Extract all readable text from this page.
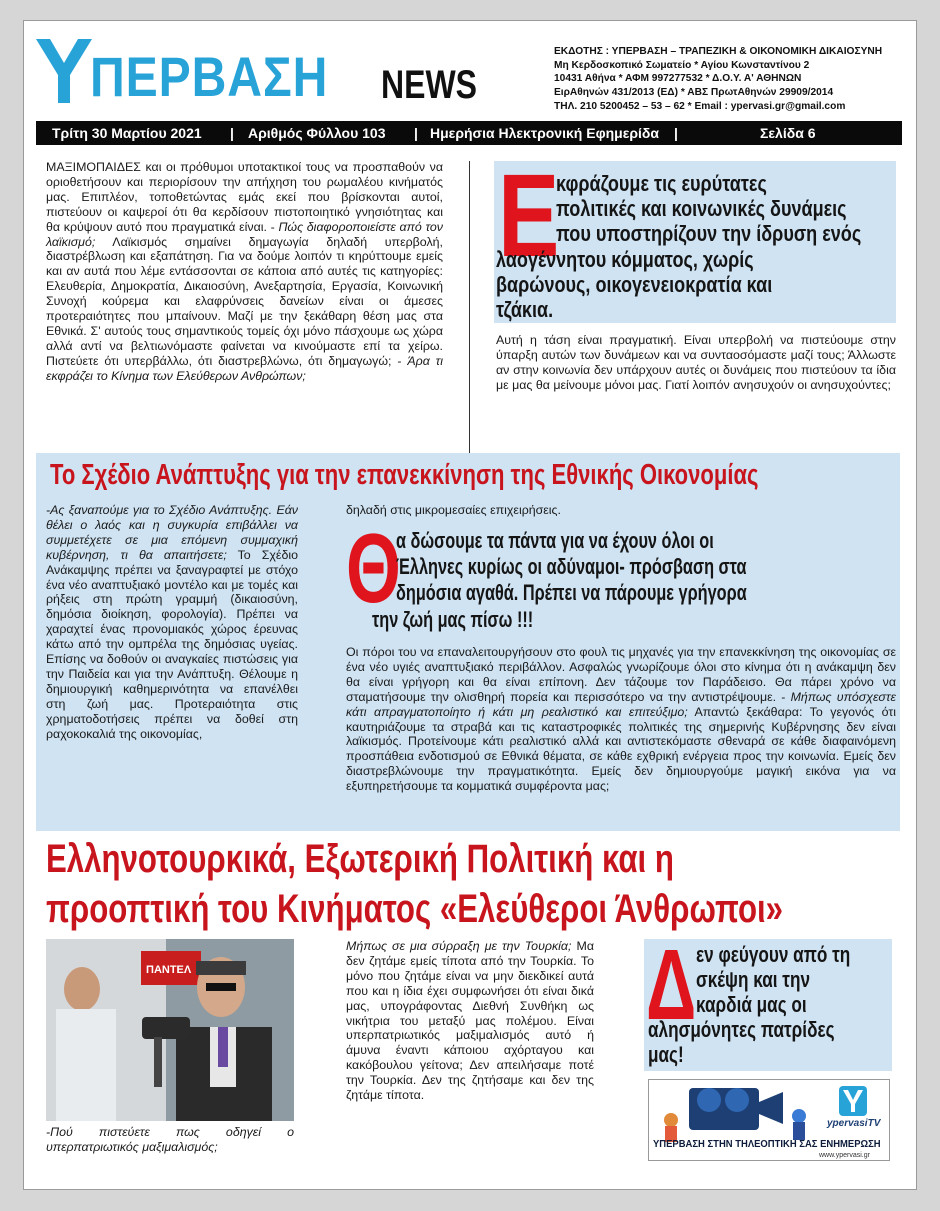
ΠΕΡΒΑΣΗ NEWS
ΕΚΔΟΤΗΣ : ΥΠΕΡΒΑΣΗ – ΤΡΑΠΕΖΙΚΗ & ΟΙΚΟΝΟΜΙΚΗ ΔΙΚΑΙΟΣΥΝΗ
Μη Κερδοσκοπικό Σωματείο * Αγίου Κωνσταντίνου 2
10431 Αθήνα * ΑΦΜ 997277532 * Δ.Ο.Υ. Α' ΑΘΗΝΩΝ
ΕιρΑθηνών 431/2013 (ΕΔ) * ΑΒΣ ΠρωτΑθηνών 29909/2014
ΤΗΛ. 210 5200452 – 53 – 62 * Email : ypervasi.gr@gmail.com
Τρίτη 30 Μαρτίου 2021 | Αριθμός Φύλλου 103 | Ημερήσια Ηλεκτρονική Εφημερίδα |	Σελίδα 6
ΜΑΞΙΜΟΠΑΙΔΕΣ και οι πρόθυμοι υποτακτικοί τους να προσπαθούν να οριοθετήσουν και περιορίσουν την απήχηση του ρωμαλέου κινήματός μας. Επιπλέον, τοποθετώντας εμάς εκεί που βρίσκονται αυτοί, πιστεύουν οι καψεροί ότι θα κερδίσουν πιστοποιητικό γνησιότητας και θα κρύψουν αυτό που πραγματικά είναι. - Πώς διαφοροποιείστε από τον λαϊκισμό; Λαϊκισμός σημαίνει δημαγωγία δηλαδή υπερβολή, διαστρέβλωση και εξαπάτηση. Για να δούμε λοιπόν τι κηρύττουμε εμείς και αν αυτά που λέμε εντάσσονται σε κάποια από αυτές τις κατηγορίες: Ελευθερία, Δημοκρατία, Δικαιοσύνη, Ανεξαρτησία, Εργασία, Κοινωνική Συνοχή κούρεμα και ελαφρύνσεις δανείων είναι οι άμεσες προτεραιότητες που μπαίνουν. Μαζί με την ξεκάθαρη θέση μας στα Εθνικά. Σ' αυτούς τους σημαντικούς τομείς όχι μόνο πάσχουμε ως χώρα αλλά αντί να βελτιωνόμαστε φαίνεται να κινούμαστε επί τα χείρω. Πιστεύετε ότι υπερβάλλω, ότι διαστρεβλώνω, ότι δημαγωγώ; - Άρα τι εκφράζει το Κίνημα των Ελεύθερων Ανθρώπων;
Ε
κφράζουμε τις ευρύτατες
πολιτικές και κοινωνικές δυνάμεις
που υποστηρίζουν την ίδρυση ενός
λαογέννητου κόμματος, χωρίς
βαρώνους, οικογενειοκρατία και
τζάκια.
Αυτή η τάση είναι πραγματική. Είναι υπερβολή να πιστεύουμε στην ύπαρξη αυτών των δυνάμεων και να συνταοσόμαστε μαζί τους; Άλλωστε αν στην κοινωνία δεν υπάρχουν αυτές οι δυνάμεις που πιστεύουν τα ίδια με μας θα μείνουμε μόνοι μας. Γιατί λοιπόν ανησυχούν οι ανησυχούντες;
Το Σχέδιο Ανάπτυξης για την επανεκκίνηση της Εθνικής Οικονομίας
-Ας ξαναπούμε για το Σχέδιο Ανάπτυξης. Εάν θέλει ο λαός και η συγκυρία επιβάλλει να συμμετέχετε σε μια επόμενη συμμαχική κυβέρνηση, τι θα απαιτήσετε; Το Σχέδιο Ανάκαμψης πρέπει να ξαναγραφτεί με στόχο ένα νέο αναπτυξιακό μοντέλο και με τομές και ρήξεις στη πρώτη γραμμή (δικαιοσύνη, δημόσια διοίκηση, φορολογία). Πρέπει να χαραχτεί ένας προνομιακός χώρος έρευνας κάτω από την ομπρέλα της δημόσιας υγείας. Επίσης να δοθούν οι αναγκαίες πιστώσεις για την Παιδεία και για την Ανάπτυξη. Θέλουμε η δημιουργική καθημερινότητα να επανέλθει στη ζωή μας. Προτεραιότητα στις χρηματοδοτήσεις πρέπει να δοθεί στη ραχοκοκαλιά της οικονομίας,
δηλαδή στις μικρομεσαίες επιχειρήσεις.
Θ
α δώσουμε τα πάντα για να έχουν όλοι οι
Έλληνες κυρίως οι αδύναμοι- πρόσβαση στα
δημόσια αγαθά. Πρέπει να πάρουμε γρήγορα
την ζωή μας πίσω !!!
Οι πόροι του να επαναλειτουργήσουν στο φουλ τις μηχανές για την επανεκκίνηση της οικονομίας σε ένα νέο υγιές αναπτυξιακό περιβάλλον. Ασφαλώς γνωρίζουμε όλοι στο κίνημα ότι η ανάκαμψη δεν θα είναι γρήγορη και θα είναι επίπονη. Δεν τάζουμε τον Παράδεισο. Θα πάρει χρόνο να σταματήσουμε την ολισθηρή πορεία και περισσότερο να την αντιστρέψουμε. - Μήπως υπόσχεστε κάτι απραγματοποίητο ή κάτι μη ρεαλιστικό και επιτεύξιμο; Απαντώ ξεκάθαρα: Το γεγονός ότι καυτηριάζουμε τα στραβά και τις καταστροφικές πολιτικές της σημερινής Κυβέρνησης δεν είναι λαϊκισμός. Προτείνουμε κάτι ρεαλιστικό αλλά και αντιστεκόμαστε σθεναρά σε κάθε διαφαινόμενη προσπάθεια ενδοτισμού σε Εθνικά θέματα, σε κάθε εχθρική ενέργεια προς την κοινωνία. Εμείς δεν διαστρεβλώνουμε την πραγματικότητα. Εμείς δεν δημιουργούμε μαγική εικόνα για να εξυπηρετήσουμε τα κομματικά συμφέροντα μας;
Ελληνοτουρκικά, Εξωτερική Πολιτική και η
προοπτική του Κινήματος «Ελεύθεροι Άνθρωποι»
ΠΑΝΤΕΛ
-Πού πιστεύετε πως οδηγεί ο υπερπατριωτικός μαξιμαλισμός;
Μήπως σε μια σύρραξη με την Τουρκία; Μα δεν ζητάμε εμείς τίποτα από την Τουρκία. Το μόνο που ζητάμε είναι να μην διεκδικεί αυτά που και η ίδια έχει συμφωνήσει ότι είναι δικά μας, υπογράφοντας Διεθνή Συνθήκη ως νικήτρια του μεταξύ μας πολέμου. Είναι υπερπατριωτικός μαξιμαλισμός αυτό ή άμυνα έναντι κάποιου αχόρταγου και κακόβουλου γείτονα; Δεν απειλήσαμε ποτέ την Τουρκία. Δεν της ζητήσαμε και δεν της ζητάμε τίποτα.
Δ εν φεύγουν από τη
σκέψη και την
καρδιά μας οι
αλησμόνητες πατρίδες
μας!
ypervasiTV
ΥΠΕΡΒΑΣΗ ΣΤΗΝ ΤΗΛΕΟΠΤΙΚΗ ΣΑΣ ΕΝΗΜΕΡΩΣΗ
www.ypervasi.gr
